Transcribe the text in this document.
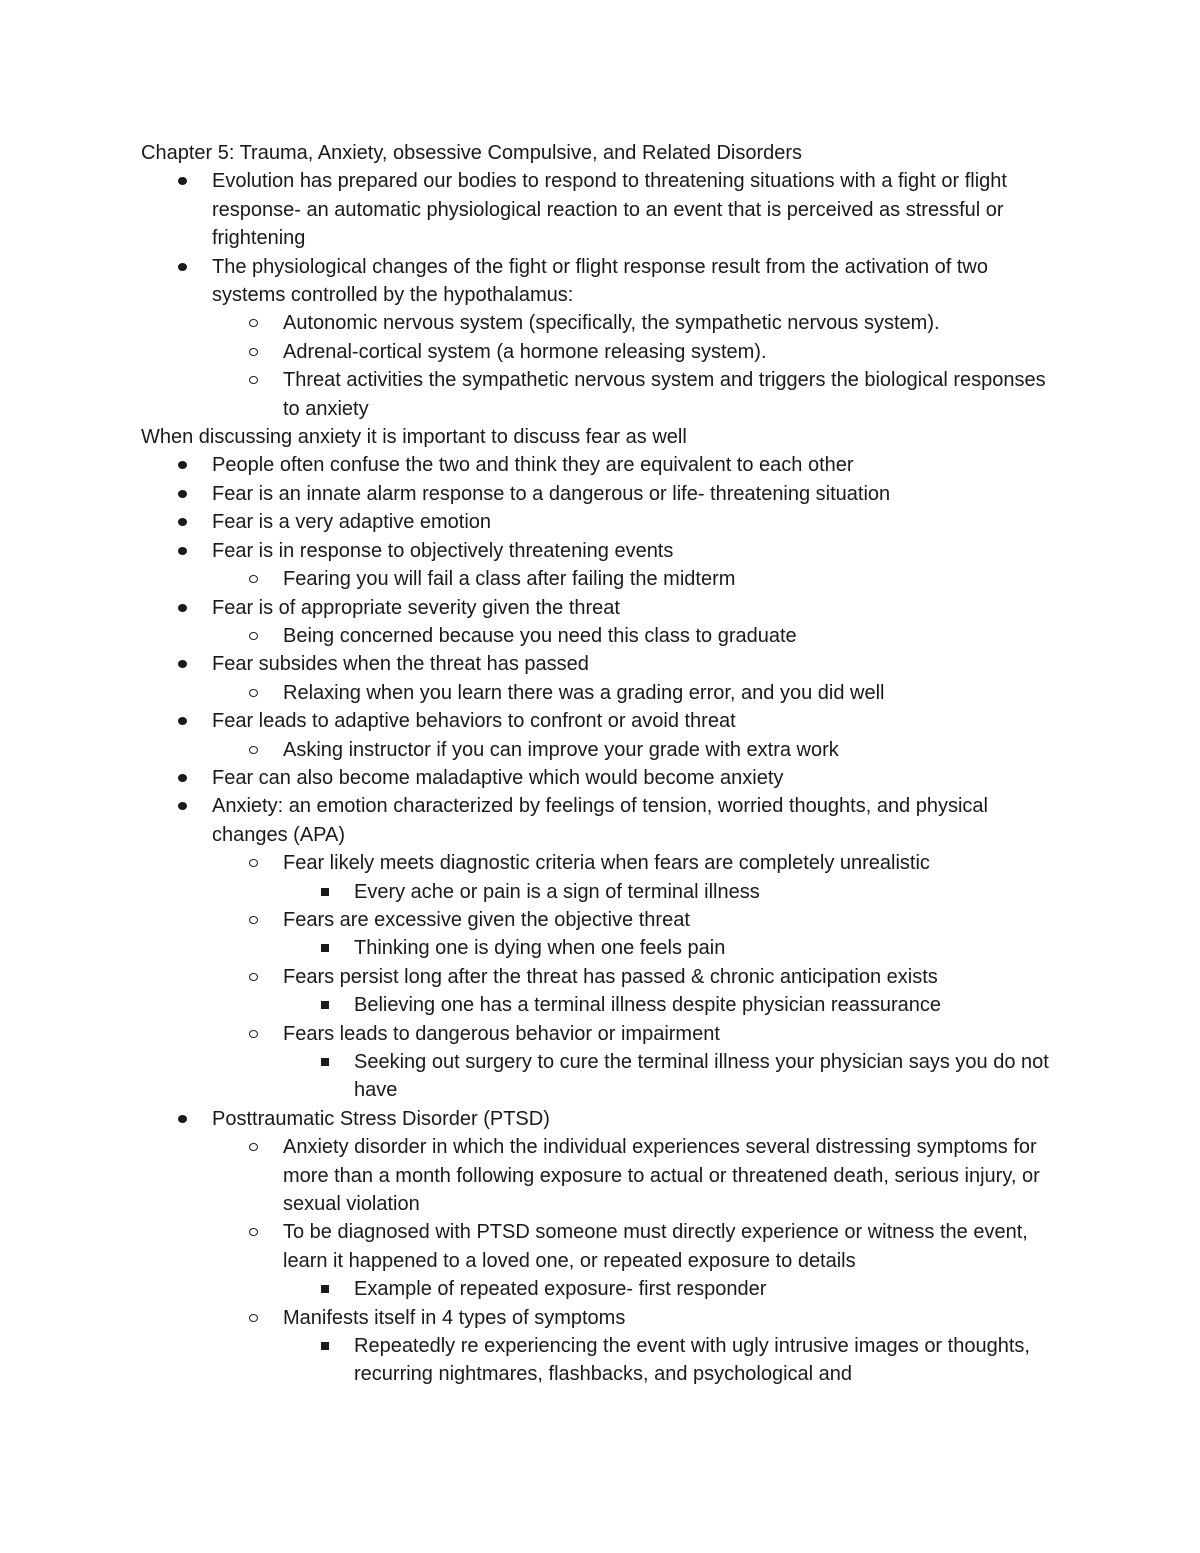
Chapter 5: Trauma, Anxiety, obsessive Compulsive, and Related Disorders

Evolution has prepared our bodies to respond to threatening situations with a fight or flight response- an automatic physiological reaction to an event that is perceived as stressful or frightening
The physiological changes of the fight or flight response result from the activation of two systems controlled by the hypothalamus:
Autonomic nervous system (specifically, the sympathetic nervous system).
Adrenal-cortical system (a hormone releasing system).
Threat activities the sympathetic nervous system and triggers the biological responses to anxiety

When discussing anxiety it is important to discuss fear as well

People often confuse the two and think they are equivalent to each other
Fear is an innate alarm response to a dangerous or life- threatening situation
Fear is a very adaptive emotion
Fear is in response to objectively threatening events
Fearing you will fail a class after failing the midterm
Fear is of appropriate severity given the threat
Being concerned because you need this class to graduate
Fear subsides when the threat has passed
Relaxing when you learn there was a grading error, and you did well
Fear leads to adaptive behaviors to confront or avoid threat
Asking instructor if you can improve your grade with extra work
Fear can also become maladaptive which would become anxiety
Anxiety: an emotion characterized by feelings of tension, worried thoughts, and physical changes (APA)
Fear likely meets diagnostic criteria when fears are completely unrealistic
Every ache or pain is a sign of terminal illness
Fears are excessive given the objective threat
Thinking one is dying when one feels pain
Fears persist long after the threat has passed & chronic anticipation exists
Believing one has a terminal illness despite physician reassurance
Fears leads to dangerous behavior or impairment
Seeking out surgery to cure the terminal illness your physician says you do not have
Posttraumatic Stress Disorder (PTSD)
Anxiety disorder in which the individual experiences several distressing symptoms for more than a month following exposure to actual or threatened death, serious injury, or sexual violation
To be diagnosed with PTSD someone must directly experience or witness the event, learn it happened to a loved one, or repeated exposure to details
Example of repeated exposure- first responder
Manifests itself in 4 types of symptoms
Repeatedly re experiencing the event with ugly intrusive images or thoughts, recurring nightmares, flashbacks, and psychological and
